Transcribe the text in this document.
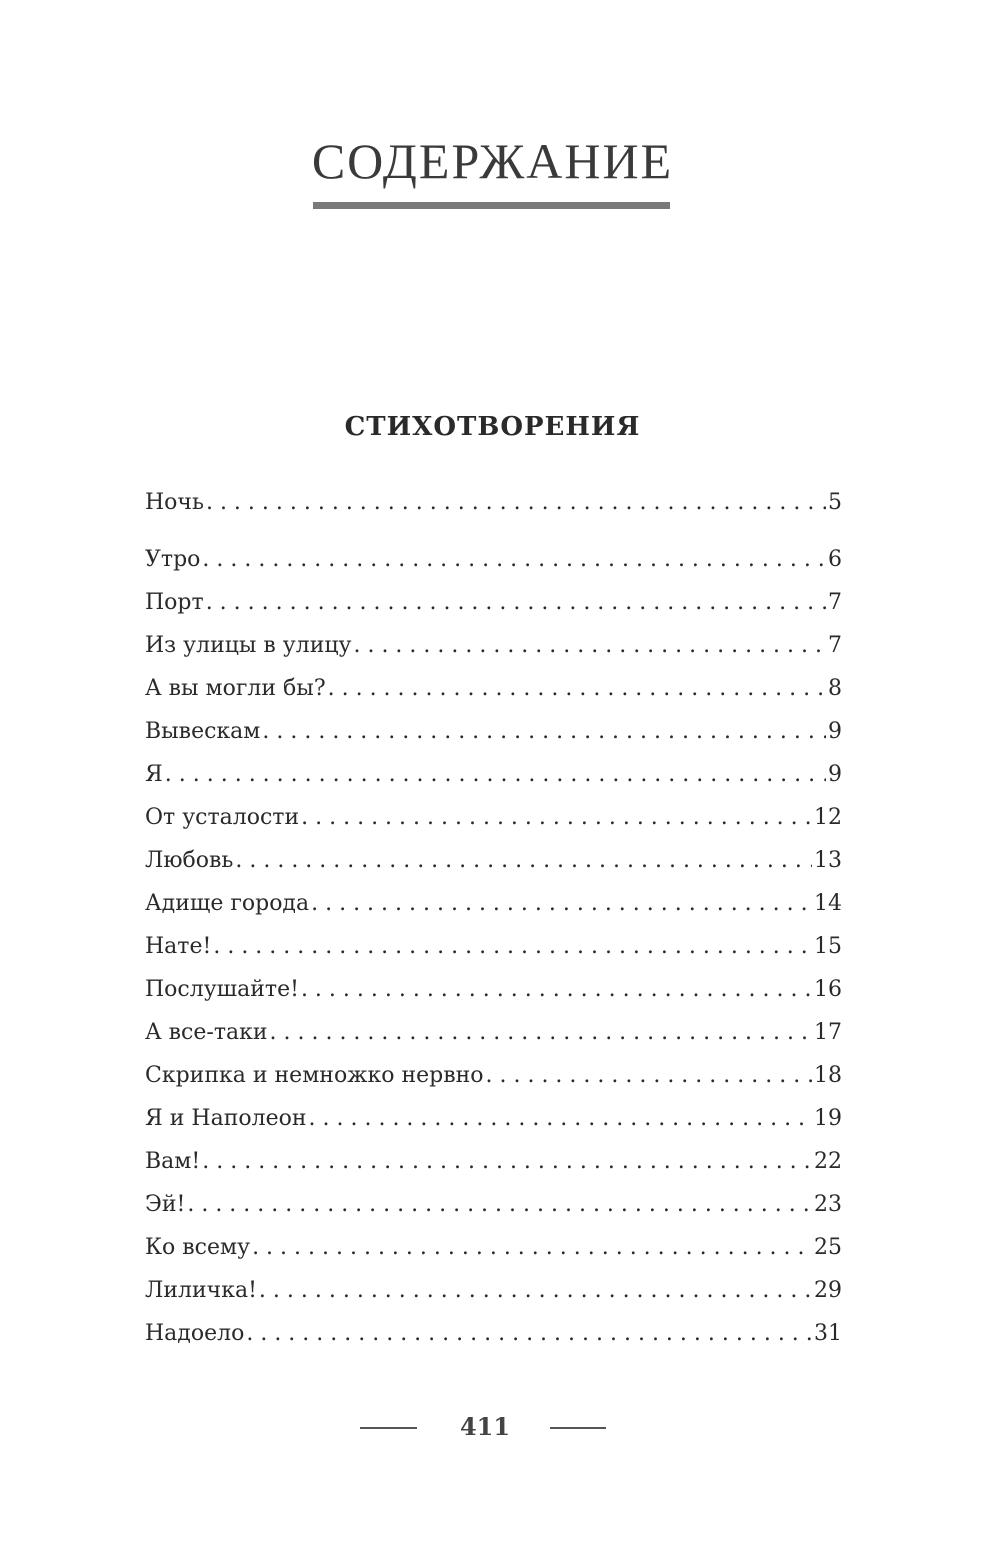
СОДЕРЖАНИЕ
СТИХОТВОРЕНИЯ
Ночь . . .	5
Утро . . .	6
Порт . . .	7
Из улицы в улицу . . .	7
А вы могли бы? . . .	8
Вывескам . . .	9
Я . . .	9
От усталости . . .	12
Любовь . . .	13
Адище города . . .	14
Нате! . . .	15
Послушайте! . . .	16
А все-таки . . .	17
Скрипка и немножко нервно . . .	18
Я и Наполеон . . .	19
Вам! . . .	22
Эй! . . .	23
Ко всему . . .	25
Лиличка! . . .	29
Надоело . . .	31
411
